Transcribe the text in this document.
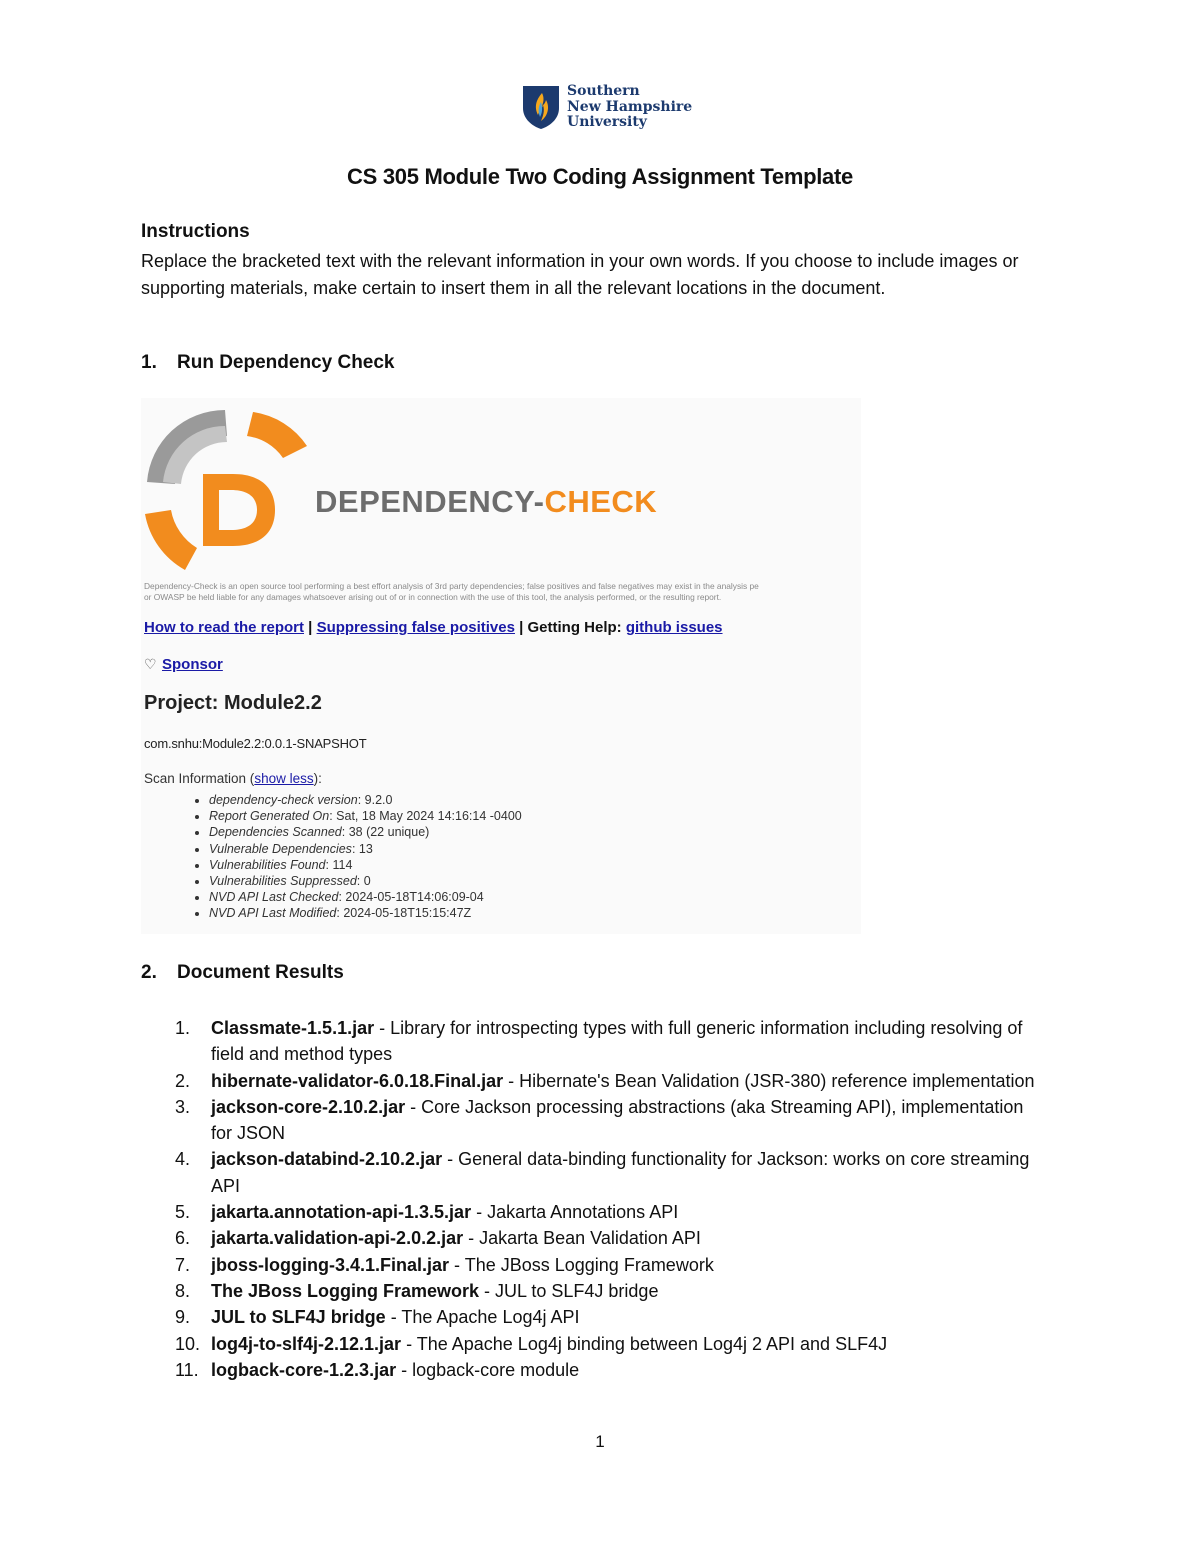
Southern
New Hampshire
University
CS 305 Module Two Coding Assignment Template
Instructions
Replace the bracketed text with the relevant information in your own words. If you choose to include images or supporting materials, make certain to insert them in all the relevant locations in the document.
1. Run Dependency Check
DEPENDENCY-CHECK
Dependency-Check is an open source tool performing a best effort analysis of 3rd party dependencies; false positives and false negatives may exist in the analysis pe
or OWASP be held liable for any damages whatsoever arising out of or in connection with the use of this tool, the analysis performed, or the resulting report.
How to read the report | Suppressing false positives | Getting Help: github issues
♡ Sponsor
Project: Module2.2
com.snhu:Module2.2:0.0.1-SNAPSHOT
Scan Information (show less):
• dependency-check version: 9.2.0
• Report Generated On: Sat, 18 May 2024 14:16:14 -0400
• Dependencies Scanned: 38 (22 unique)
• Vulnerable Dependencies: 13
• Vulnerabilities Found: 114
• Vulnerabilities Suppressed: 0
• NVD API Last Checked: 2024-05-18T14:06:09-04
• NVD API Last Modified: 2024-05-18T15:15:47Z
2. Document Results
1. Classmate-1.5.1.jar - Library for introspecting types with full generic information including resolving of field and method types
2. hibernate-validator-6.0.18.Final.jar - Hibernate's Bean Validation (JSR-380) reference implementation
3. jackson-core-2.10.2.jar - Core Jackson processing abstractions (aka Streaming API), implementation for JSON
4. jackson-databind-2.10.2.jar - General data-binding functionality for Jackson: works on core streaming API
5. jakarta.annotation-api-1.3.5.jar - Jakarta Annotations API
6. jakarta.validation-api-2.0.2.jar - Jakarta Bean Validation API
7. jboss-logging-3.4.1.Final.jar - The JBoss Logging Framework
8. The JBoss Logging Framework - JUL to SLF4J bridge
9. JUL to SLF4J bridge - The Apache Log4j API
10. log4j-to-slf4j-2.12.1.jar - The Apache Log4j binding between Log4j 2 API and SLF4J
11. logback-core-1.2.3.jar - logback-core module
1
